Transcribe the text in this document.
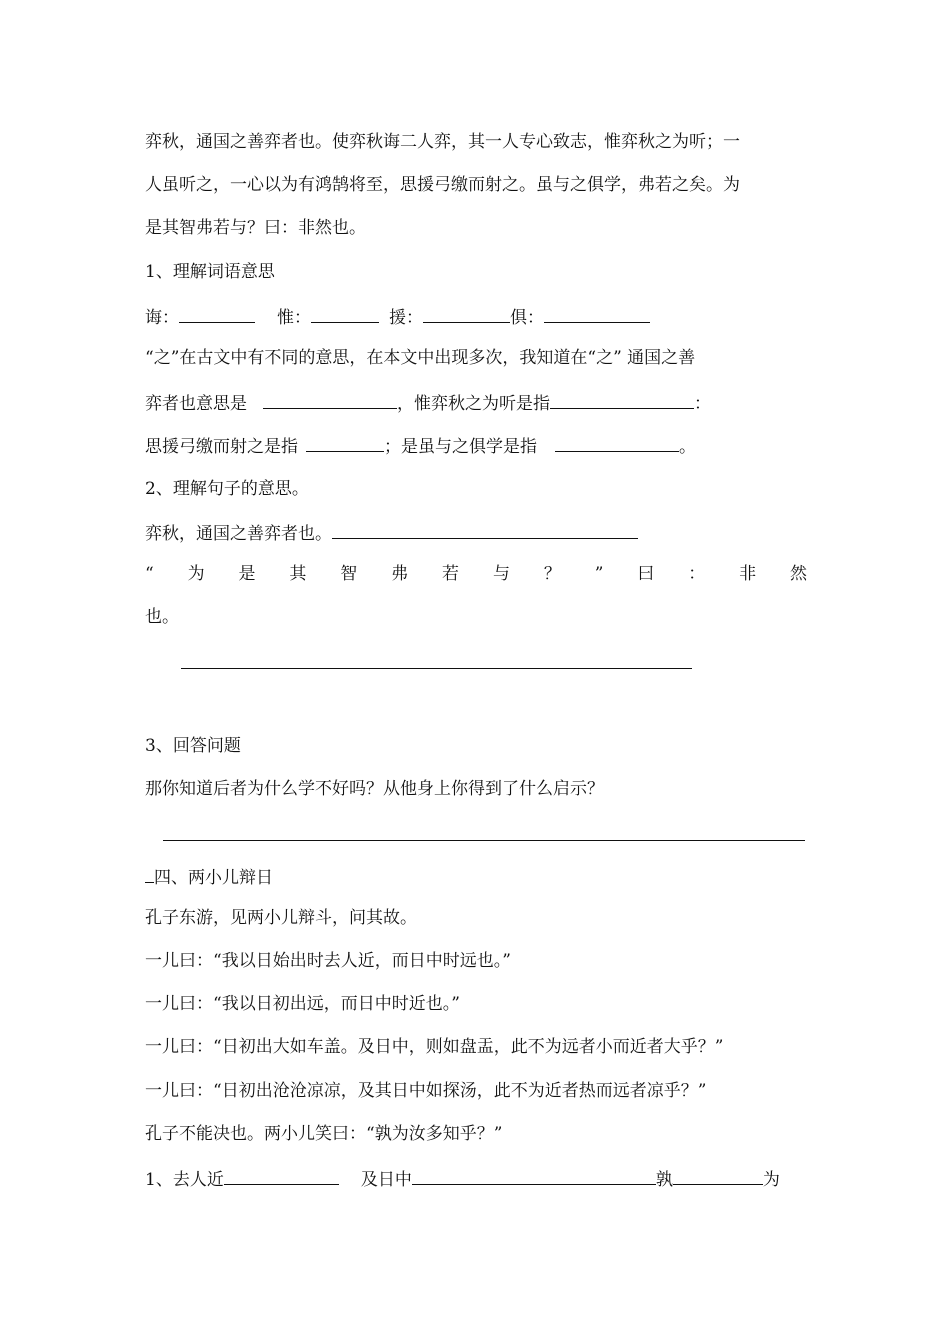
弈秋，通国之善弈者也。使弈秋诲二人弈，其一人专心致志，惟弈秋之为听；一
人虽听之，一心以为有鸿鹄将至，思援弓缴而射之。虽与之俱学，弗若之矣。为
是其智弗若与？曰：非然也。
1、理解词语意思
诲：	惟：	援：	俱：
“之”在古文中有不同的意思，在本文中出现多次，我知道在“之” 通国之善
弈者也意思是	，惟弈秋之为听是指	：
思援弓缴而射之是指	；是虽与之俱学是指	。
2、理解句子的意思。
弈秋，通国之善弈者也。
“ 为 是 其 智 弗 若 与 ？ ” 曰 ： 非 然
也。
3、回答问题
那你知道后者为什么学不好吗？从他身上你得到了什么启示？
四、两小儿辩日
孔子东游，见两小儿辩斗，问其故。
一儿曰：“我以日始出时去人近，而日中时远也。”
一儿曰：“我以日初出远，而日中时近也。”
一儿曰：“日初出大如车盖。及日中，则如盘盂，此不为远者小而近者大乎？”
一儿曰：“日初出沧沧凉凉，及其日中如探汤，此不为近者热而远者凉乎？”
孔子不能决也。两小儿笑曰：“孰为汝多知乎？”
1、去人近	及日中	孰	为
